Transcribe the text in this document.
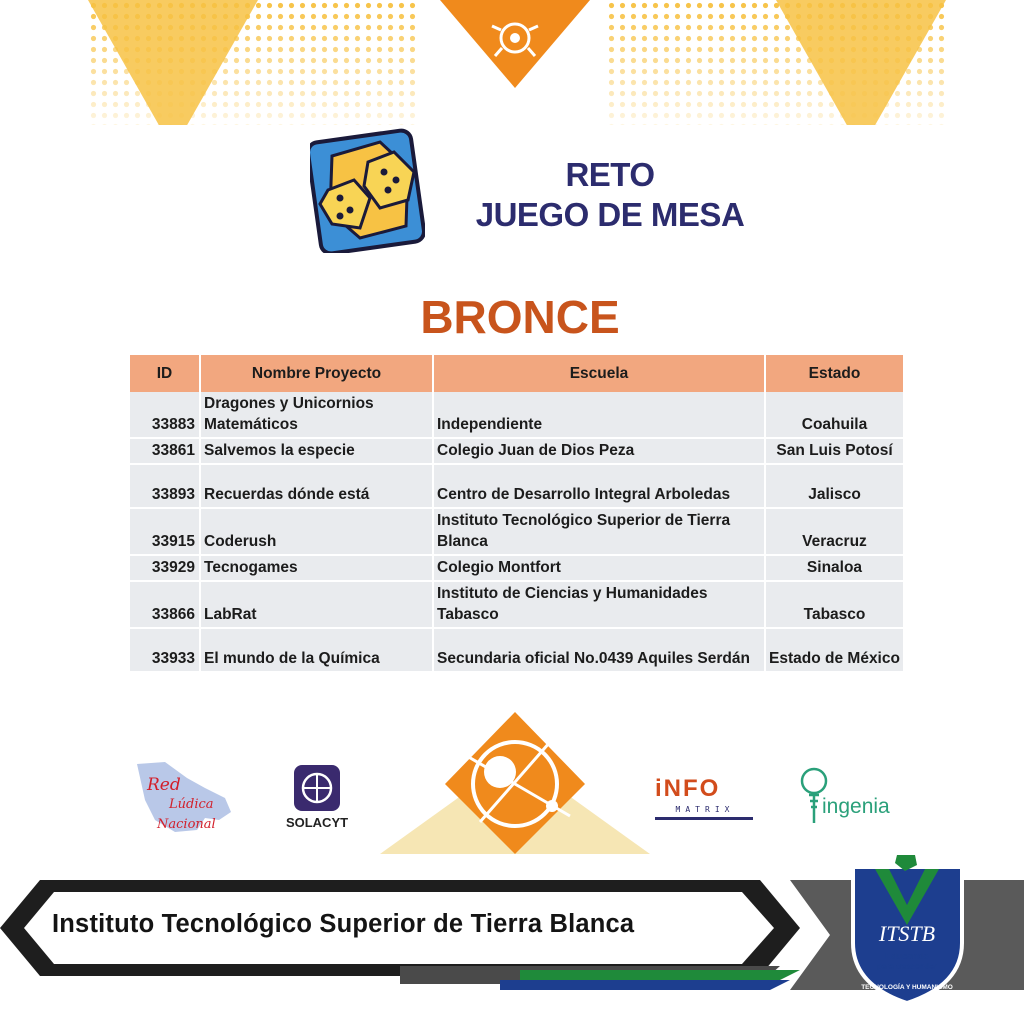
RETO
JUEGO DE MESA
BRONCE
ID	Nombre Proyecto	Escuela	Estado
33883	Dragones y Unicornios Matemáticos	Independiente	Coahuila
33861	Salvemos la especie	Colegio Juan de Dios Peza	San Luis Potosí
33893	Recuerdas dónde está	Centro de Desarrollo Integral Arboledas	Jalisco
33915	Coderush	Instituto Tecnológico Superior de Tierra Blanca	Veracruz
33929	Tecnogames	Colegio Montfort	Sinaloa
33866	LabRat	Instituto de Ciencias y Humanidades Tabasco	Tabasco
33933	El mundo de la Química	Secundaria oficial No.0439 Aquiles Serdán	Estado de México
Red
Lúdica
Nacional	SOLACYT
iNFO
MATRIX	ingenia
Instituto Tecnológico Superior de Tierra Blanca	ITSTB
Educando
para trascender
TECNOLOGÍA Y HUMANISMO
